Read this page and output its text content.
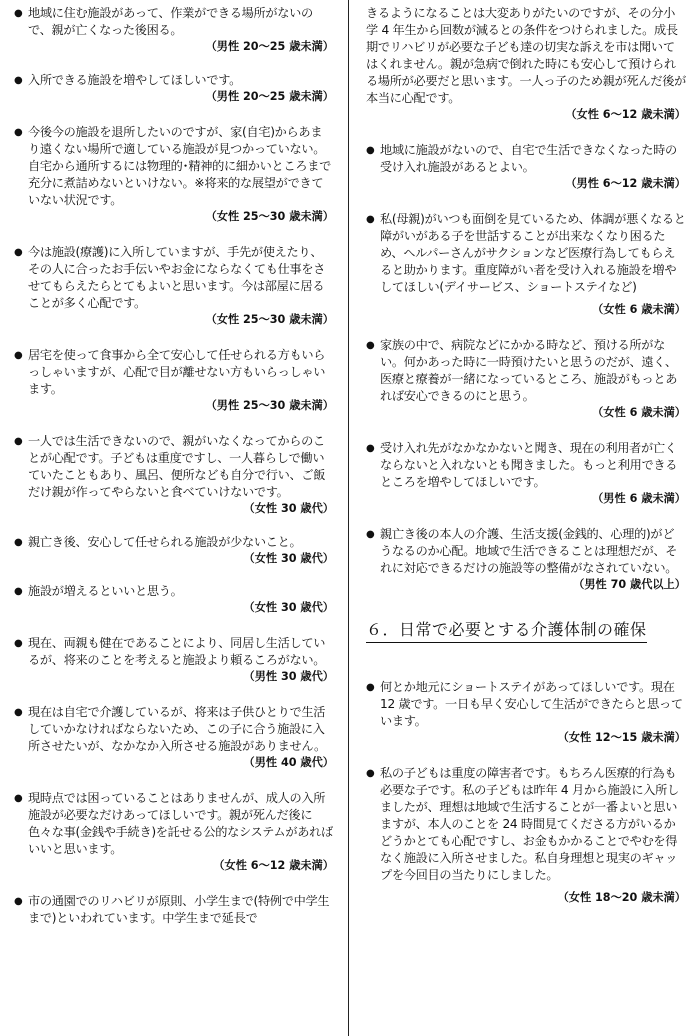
● 地域に住む施設があって、作業ができる場所がないので、親が亡くなった後困る。
（男性 20～25 歳未満）
● 入所できる施設を増やしてほしいです。
（男性 20～25 歳未満）
● 今後今の施設を退所したいのですが、家(自宅)からあまり遠くない場所で適している施設が見つかっていない。自宅から通所するには物理的･精神的に細かいところまで充分に煮詰めないといけない。※将来的な展望ができていない状況です。
（女性 25～30 歳未満）
● 今は施設(療護)に入所していますが、手先が使えたり、その人に合ったお手伝いやお金にならなくても仕事をさせてもらえたらとてもよいと思います。今は部屋に居ることが多く心配です。
（女性 25～30 歳未満）
● 居宅を使って食事から全て安心して任せられる方もいらっしゃいますが、心配で目が離せない方もいらっしゃいます。
（男性 25～30 歳未満）
● 一人では生活できないので、親がいなくなってからのことが心配です。子どもは重度ですし、一人暮らしで働いていたこともあり、風呂、便所なども自分で行い、ご飯だけ親が作ってやらないと食べていけないです。
（女性 30 歳代）
● 親亡き後、安心して任せられる施設が少ないこと。
（女性 30 歳代）
● 施設が増えるといいと思う。
（女性 30 歳代）
● 現在、両親も健在であることにより、同居し生活しているが、将来のことを考えると施設より頼るころがない。
（男性 30 歳代）
● 現在は自宅で介護しているが、将来は子供ひとりで生活していかなければならないため、この子に合う施設に入所させたいが、なかなか入所させる施設がありません。
（男性 40 歳代）
● 現時点では困っていることはありませんが、成人の入所施設が必要なだけあってほしいです。親が死んだ後に色々な事(金銭や手続き)を託せる公的なシステムがあればいいと思います。
（女性 6～12 歳未満）
● 市の通園でのリハビリが原則、小学生まで(特例で中学生まで)といわれています。中学生まで延長で
きるようになることは大変ありがたいのですが、その分小学 4 年生から回数が減るとの条件をつけられました。成長期でリハビリが必要な子ども達の切実な訴えを市は聞いてはくれません。親が急病で倒れた時にも安心して預けられる場所が必要だと思います。一人っ子のため親が死んだ後が本当に心配です。
（女性 6～12 歳未満）
● 地域に施設がないので、自宅で生活できなくなった時の受け入れ施設があるとよい。
（男性 6～12 歳未満）
● 私(母親)がいつも面倒を見ているため、体調が悪くなると障がいがある子を世話することが出来なくなり困るため、ヘルパーさんがサクションなど医療行為してもらえると助かります。重度障がい者を受け入れる施設を増やしてほしい(デイサービス、ショートステイなど)
（女性 6 歳未満）
● 家族の中で、病院などにかかる時など、預ける所がない。何かあった時に一時預けたいと思うのだが、遠く、医療と療養が一緒になっているところ、施設がもっとあれば安心できるのにと思う。
（女性 6 歳未満）
● 受け入れ先がなかなかないと聞き、現在の利用者が亡くならないと入れないとも聞きました。もっと利用できるところを増やしてほしいです。
（男性 6 歳未満）
● 親亡き後の本人の介護、生活支援(金銭的、心理的)がどうなるのか心配。地域で生活できることは理想だが、それに対応できるだけの施設等の整備がなされていない。
（男性 70 歳代以上）
６．日常で必要とする介護体制の確保
● 何とか地元にショートステイがあってほしいです。現在 12 歳です。一日も早く安心して生活ができたらと思っています。
（女性 12～15 歳未満）
● 私の子どもは重度の障害者です。もちろん医療的行為も必要な子です。私の子どもは昨年 4 月から施設に入所しましたが、理想は地域で生活することが一番よいと思いますが、本人のことを 24 時間見てくださる方がいるかどうかとても心配ですし、お金もかかることでやむを得なく施設に入所させました。私自身理想と現実のギャップを今回目の当たりにしました。
（女性 18～20 歳未満）
